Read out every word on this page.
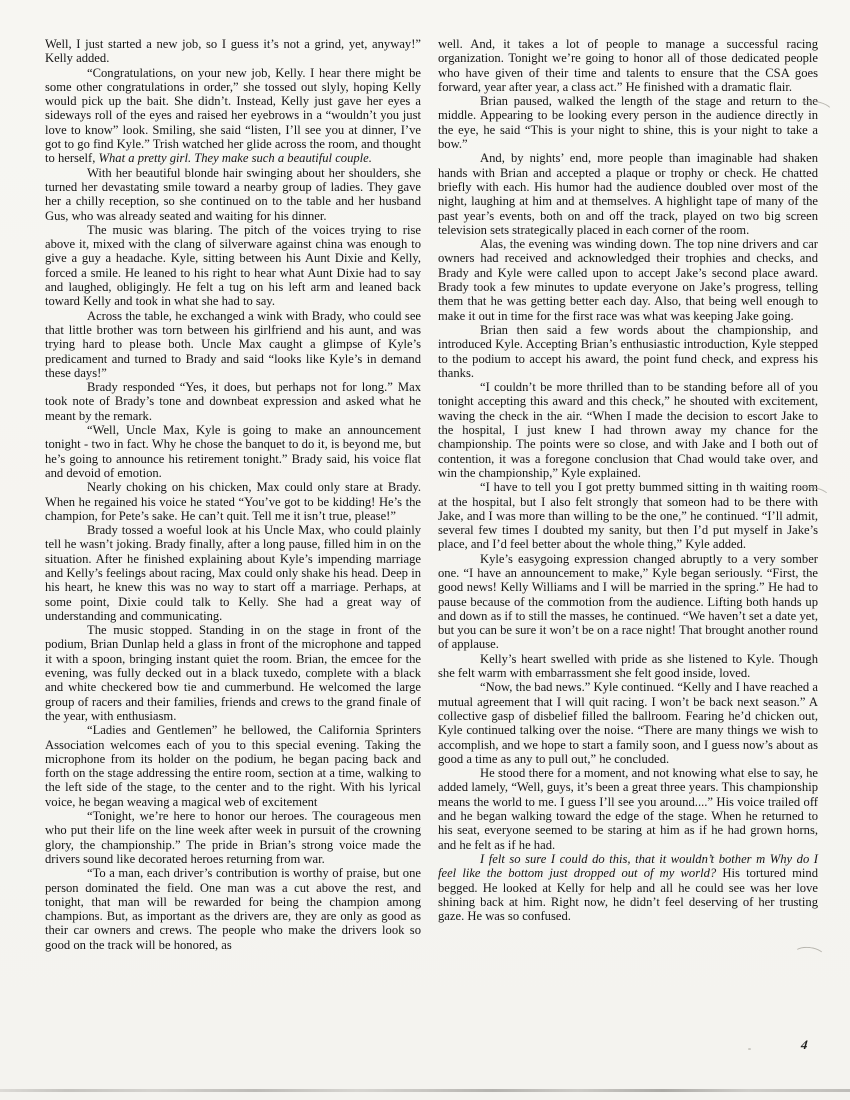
Well, I just started a new job, so I guess it’s not a grind, yet, anyway!” Kelly added.

“Congratulations, on your new job, Kelly. I hear there might be some other congratulations in order,” she tossed out slyly, hoping Kelly would pick up the bait. She didn’t. Instead, Kelly just gave her eyes a sideways roll of the eyes and raised her eyebrows in a “wouldn’t you just love to know” look. Smiling, she said “listen, I’ll see you at dinner, I’ve got to go find Kyle.” Trish watched her glide across the room, and thought to herself, What a pretty girl. They make such a beautiful couple.

With her beautiful blonde hair swinging about her shoulders, she turned her devastating smile toward a nearby group of ladies. They gave her a chilly reception, so she continued on to the table and her husband Gus, who was already seated and waiting for his dinner.

The music was blaring. The pitch of the voices trying to rise above it, mixed with the clang of silverware against china was enough to give a guy a headache. Kyle, sitting between his Aunt Dixie and Kelly, forced a smile. He leaned to his right to hear what Aunt Dixie had to say and laughed, obligingly. He felt a tug on his left arm and leaned back toward Kelly and took in what she had to say.

Across the table, he exchanged a wink with Brady, who could see that little brother was torn between his girlfriend and his aunt, and was trying hard to please both. Uncle Max caught a glimpse of Kyle’s predicament and turned to Brady and said “looks like Kyle’s in demand these days!”

Brady responded “Yes, it does, but perhaps not for long.” Max took note of Brady’s tone and downbeat expression and asked what he meant by the remark.

“Well, Uncle Max, Kyle is going to make an announcement tonight - two in fact. Why he chose the banquet to do it, is beyond me, but he’s going to announce his retirement tonight.” Brady said, his voice flat and devoid of emotion.

Nearly choking on his chicken, Max could only stare at Brady. When he regained his voice he stated “You’ve got to be kidding! He’s the champion, for Pete’s sake. He can’t quit. Tell me it isn’t true, please!”

Brady tossed a woeful look at his Uncle Max, who could plainly tell he wasn’t joking. Brady finally, after a long pause, filled him in on the situation. After he finished explaining about Kyle’s impending marriage and Kelly’s feelings about racing, Max could only shake his head. Deep in his heart, he knew this was no way to start off a marriage. Perhaps, at some point, Dixie could talk to Kelly. She had a great way of understanding and communicating.

The music stopped. Standing in on the stage in front of the podium, Brian Dunlap held a glass in front of the microphone and tapped it with a spoon, bringing instant quiet the room. Brian, the emcee for the evening, was fully decked out in a black tuxedo, complete with a black and white checkered bow tie and cummerbund. He welcomed the large group of racers and their families, friends and crews to the grand finale of the year, with enthusiasm.

“Ladies and Gentlemen” he bellowed, the California Sprinters Association welcomes each of you to this special evening. Taking the microphone from its holder on the podium, he began pacing back and forth on the stage addressing the entire room, section at a time, walking to the left side of the stage, to the center and to the right. With his lyrical voice, he began weaving a magical web of excitement

“Tonight, we’re here to honor our heroes. The courageous men who put their life on the line week after week in pursuit of the crowning glory, the championship.” The pride in Brian’s strong voice made the drivers sound like decorated heroes returning from war.

“To a man, each driver’s contribution is worthy of praise, but one person dominated the field. One man was a cut above the rest, and tonight, that man will be rewarded for being the champion among champions. But, as important as the drivers are, they are only as good as their car owners and crews. The people who make the drivers look so good on the track will be honored, as

well. And, it takes a lot of people to manage a successful racing organization. Tonight we’re going to honor all of those dedicated people who have given of their time and talents to ensure that the CSA goes forward, year after year, a class act.” He finished with a dramatic flair.

Brian paused, walked the length of the stage and return to the middle. Appearing to be looking every person in the audience directly in the eye, he said “This is your night to shine, this is your night to take a bow.”

And, by nights’ end, more people than imaginable had shaken hands with Brian and accepted a plaque or trophy or check. He chatted briefly with each. His humor had the audience doubled over most of the night, laughing at him and at themselves. A highlight tape of many of the past year’s events, both on and off the track, played on two big screen television sets strategically placed in each corner of the room.

Alas, the evening was winding down. The top nine drivers and car owners had received and acknowledged their trophies and checks, and Brady and Kyle were called upon to accept Jake’s second place award. Brady took a few minutes to update everyone on Jake’s progress, telling them that he was getting better each day. Also, that being well enough to make it out in time for the first race was what was keeping Jake going.

Brian then said a few words about the championship, and introduced Kyle. Accepting Brian’s enthusiastic introduction, Kyle stepped to the podium to accept his award, the point fund check, and express his thanks.

“I couldn’t be more thrilled than to be standing before all of you tonight accepting this award and this check,” he shouted with excitement, waving the check in the air. “When I made the decision to escort Jake to the hospital, I just knew I had thrown away my chance for the championship. The points were so close, and with Jake and I both out of contention, it was a foregone conclusion that Chad would take over, and win the championship,” Kyle explained.

“I have to tell you I got pretty bummed sitting in th waiting room at the hospital, but I also felt strongly that someon had to be there with Jake, and I was more than willing to be the one,” he continued. “I’ll admit, several few times I doubted my sanity, but then I’d put myself in Jake’s place, and I’d feel better about the whole thing,” Kyle added.

Kyle’s easygoing expression changed abruptly to a very somber one. “I have an announcement to make,” Kyle began seriously. “First, the good news! Kelly Williams and I will be married in the spring.” He had to pause because of the commotion from the audience. Lifting both hands up and down as if to still the masses, he continued. “We haven’t set a date yet, but you can be sure it won’t be on a race night! That brought another round of applause.

Kelly’s heart swelled with pride as she listened to Kyle. Though she felt warm with embarrassment she felt good inside, loved.

“Now, the bad news.” Kyle continued. “Kelly and I have reached a mutual agreement that I will quit racing. I won’t be back next season.” A collective gasp of disbelief filled the ballroom. Fearing he’d chicken out, Kyle continued talking over the noise. “There are many things we wish to accomplish, and we hope to start a family soon, and I guess now’s about as good a time as any to pull out,” he concluded.

He stood there for a moment, and not knowing what else to say, he added lamely, “Well, guys, it’s been a great three years. This championship means the world to me. I guess I’ll see you around....” His voice trailed off and he began walking toward the edge of the stage. When he returned to his seat, everyone seemed to be staring at him as if he had grown horns, and he felt as if he had.

I felt so sure I could do this, that it wouldn’t bother m Why do I feel like the bottom just dropped out of my world? His tortured mind begged. He looked at Kelly for help and all he could see was her love shining back at him. Right now, he didn’t feel deserving of her trusting gaze. He was so confused.

4
